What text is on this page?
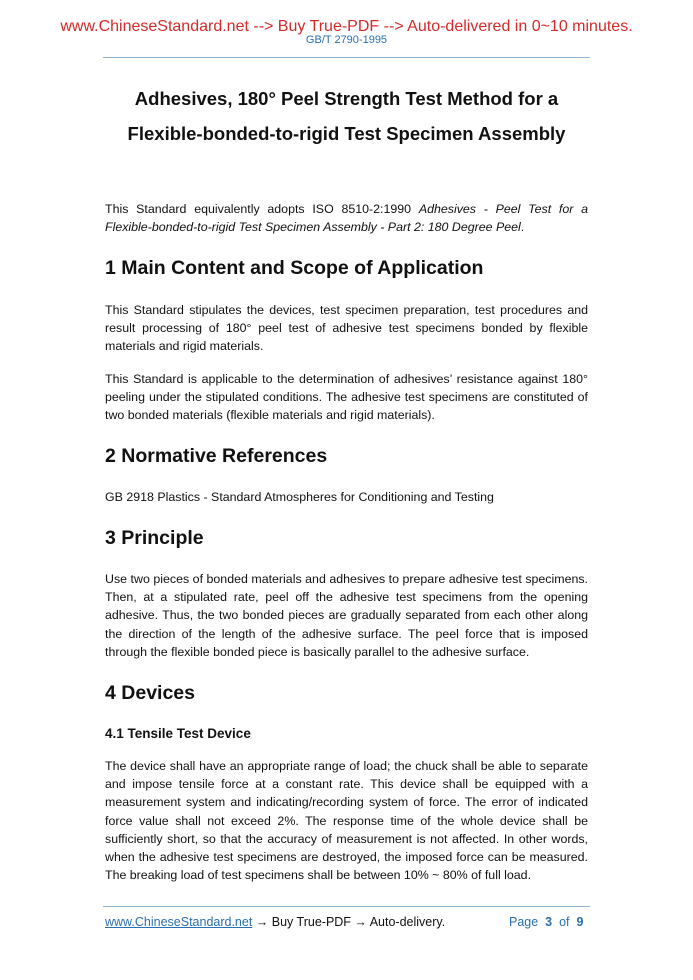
www.ChineseStandard.net --> Buy True-PDF --> Auto-delivered in 0~10 minutes.
GB/T 2790-1995
Adhesives, 180° Peel Strength Test Method for a
Flexible-bonded-to-rigid Test Specimen Assembly
This Standard equivalently adopts ISO 8510-2:1990 Adhesives - Peel Test for a Flexible-bonded-to-rigid Test Specimen Assembly - Part 2: 180 Degree Peel.
1 Main Content and Scope of Application
This Standard stipulates the devices, test specimen preparation, test procedures and result processing of 180° peel test of adhesive test specimens bonded by flexible materials and rigid materials.
This Standard is applicable to the determination of adhesives’ resistance against 180° peeling under the stipulated conditions. The adhesive test specimens are constituted of two bonded materials (flexible materials and rigid materials).
2 Normative References
GB 2918 Plastics - Standard Atmospheres for Conditioning and Testing
3 Principle
Use two pieces of bonded materials and adhesives to prepare adhesive test specimens. Then, at a stipulated rate, peel off the adhesive test specimens from the opening adhesive. Thus, the two bonded pieces are gradually separated from each other along the direction of the length of the adhesive surface. The peel force that is imposed through the flexible bonded piece is basically parallel to the adhesive surface.
4 Devices
4.1 Tensile Test Device
The device shall have an appropriate range of load; the chuck shall be able to separate and impose tensile force at a constant rate. This device shall be equipped with a measurement system and indicating/recording system of force. The error of indicated force value shall not exceed 2%. The response time of the whole device shall be sufficiently short, so that the accuracy of measurement is not affected. In other words, when the adhesive test specimens are destroyed, the imposed force can be measured. The breaking load of test specimens shall be between 10% ~ 80% of full load.
www.ChineseStandard.net → Buy True-PDF → Auto-delivery.	Page 3 of 9
